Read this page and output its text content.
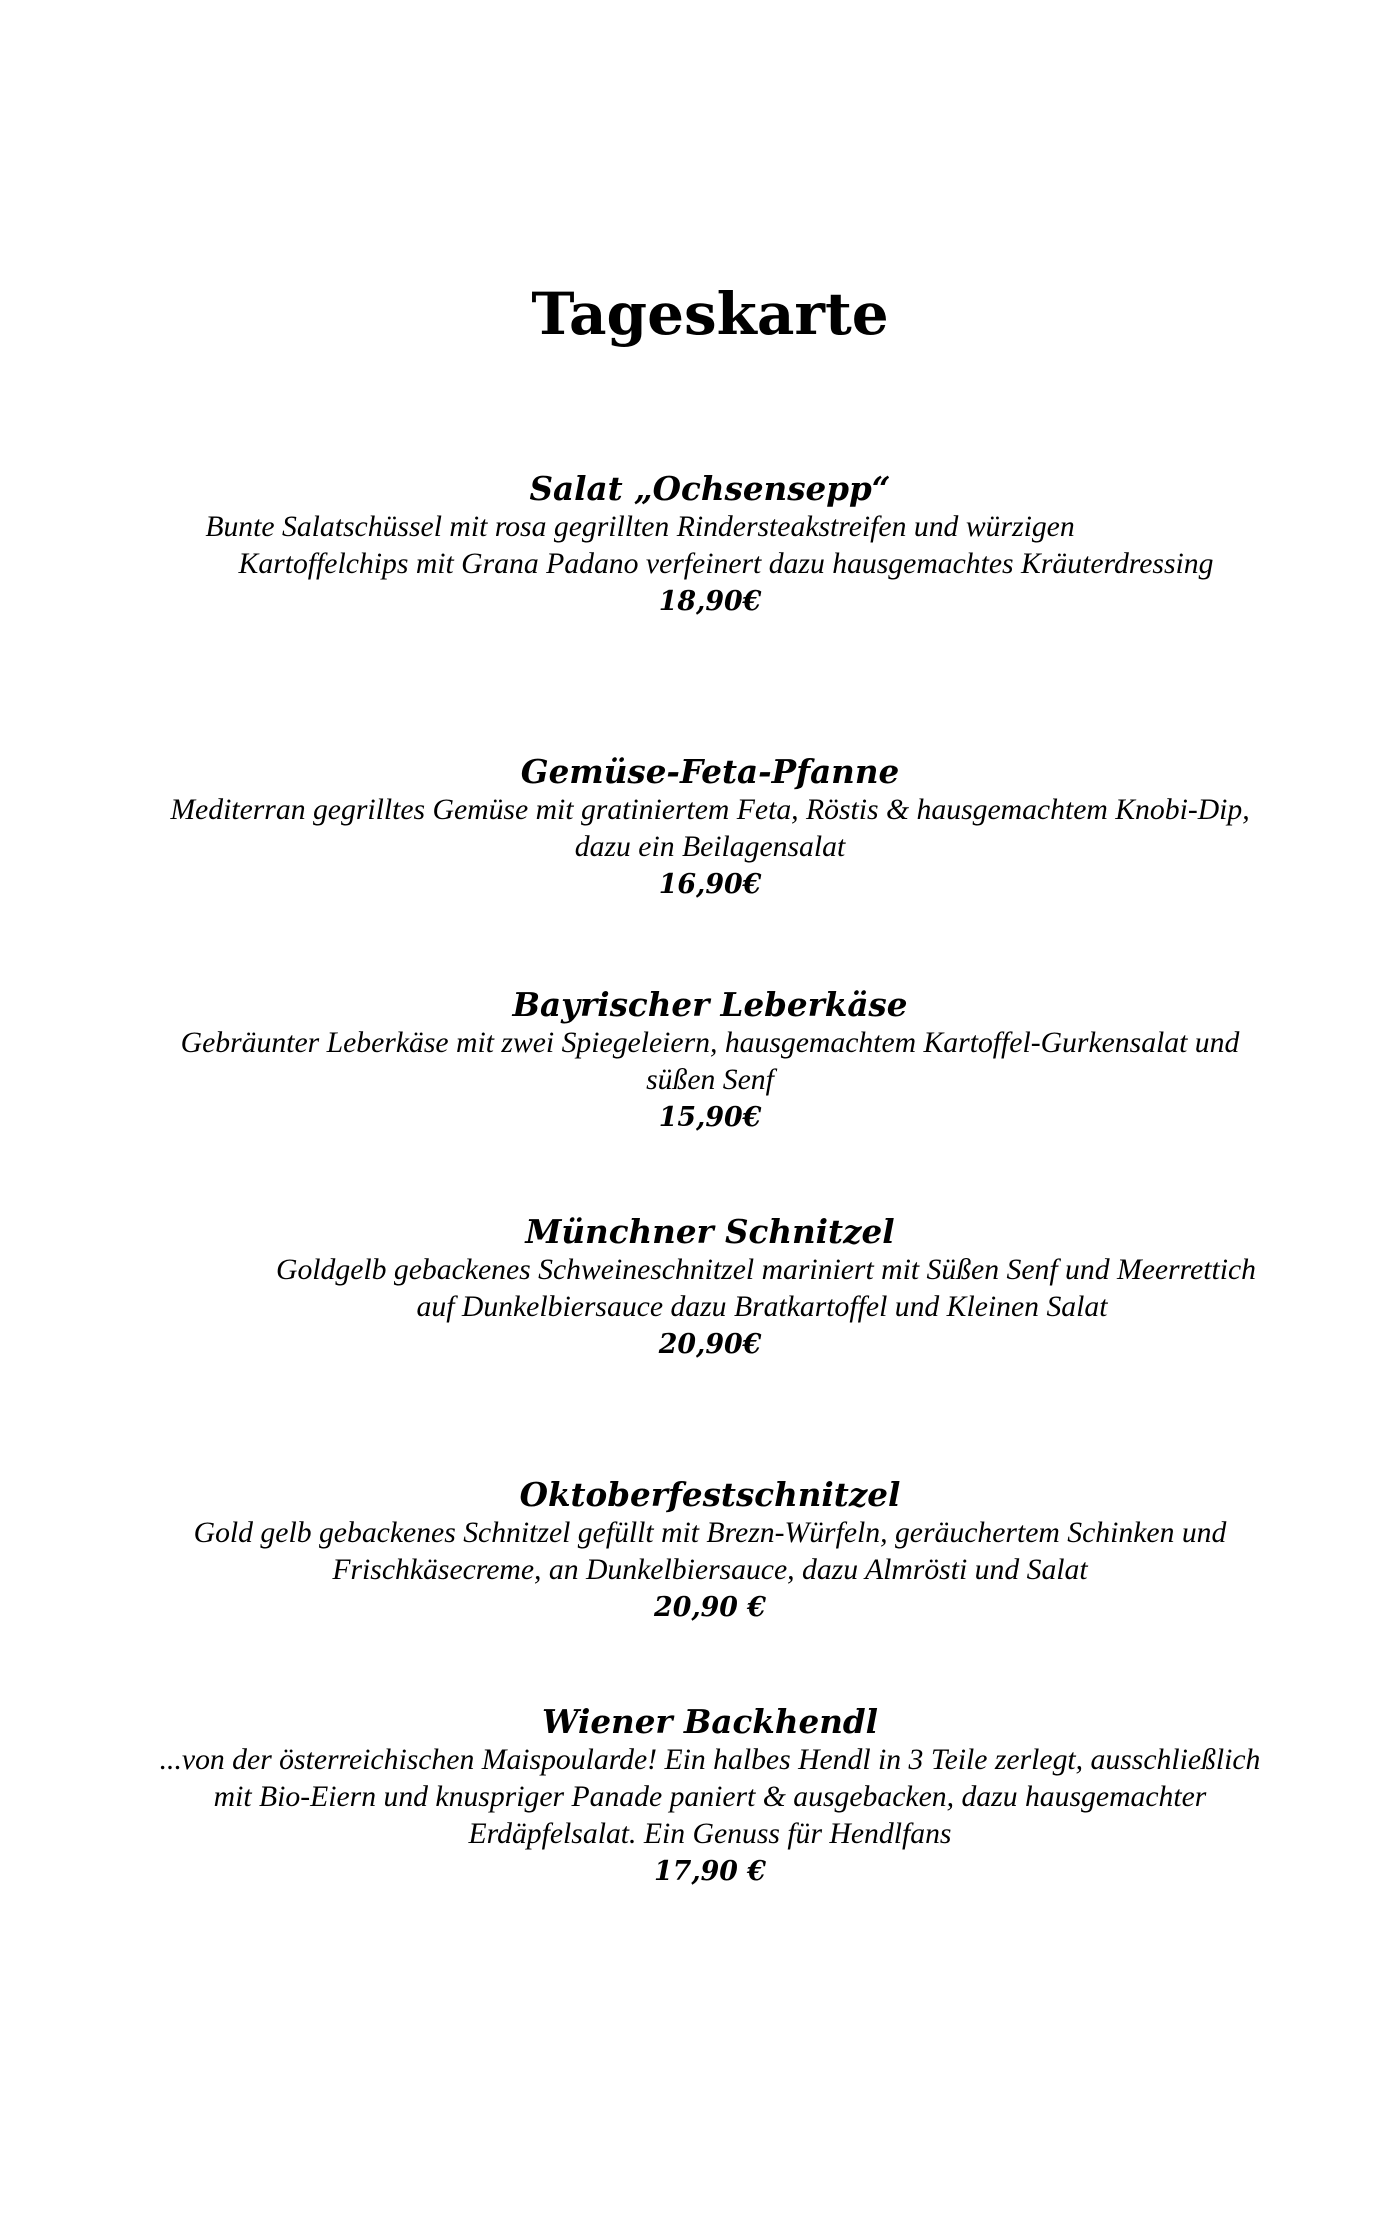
Tageskarte
Salat „Ochsensepp“
Bunte Salatschüssel mit rosa gegrillten Rindersteakstreifen und würzigen
Kartoffelchips mit Grana Padano verfeinert dazu hausgemachtes Kräuterdressing
18,90€
Gemüse-Feta-Pfanne
Mediterran gegrilltes Gemüse mit gratiniertem Feta, Röstis & hausgemachtem Knobi-Dip,
dazu ein Beilagensalat
16,90€
Bayrischer Leberkäse
Gebräunter Leberkäse mit zwei Spiegeleiern, hausgemachtem Kartoffel-Gurkensalat und
süßen Senf
15,90€
Münchner Schnitzel
Goldgelb gebackenes Schweineschnitzel mariniert mit Süßen Senf und Meerrettich
auf Dunkelbiersauce dazu Bratkartoffel und Kleinen Salat
20,90€
Oktoberfestschnitzel
Gold gelb gebackenes Schnitzel gefüllt mit Brezn-Würfeln, geräuchertem Schinken und
Frischkäsecreme, an Dunkelbiersauce, dazu Almrösti und Salat
20,90 €
Wiener Backhendl
...von der österreichischen Maispoularde! Ein halbes Hendl in 3 Teile zerlegt, ausschließlich
mit Bio-Eiern und knuspriger Panade paniert & ausgebacken, dazu hausgemachter
Erdäpfelsalat. Ein Genuss für Hendlfans
17,90 €
